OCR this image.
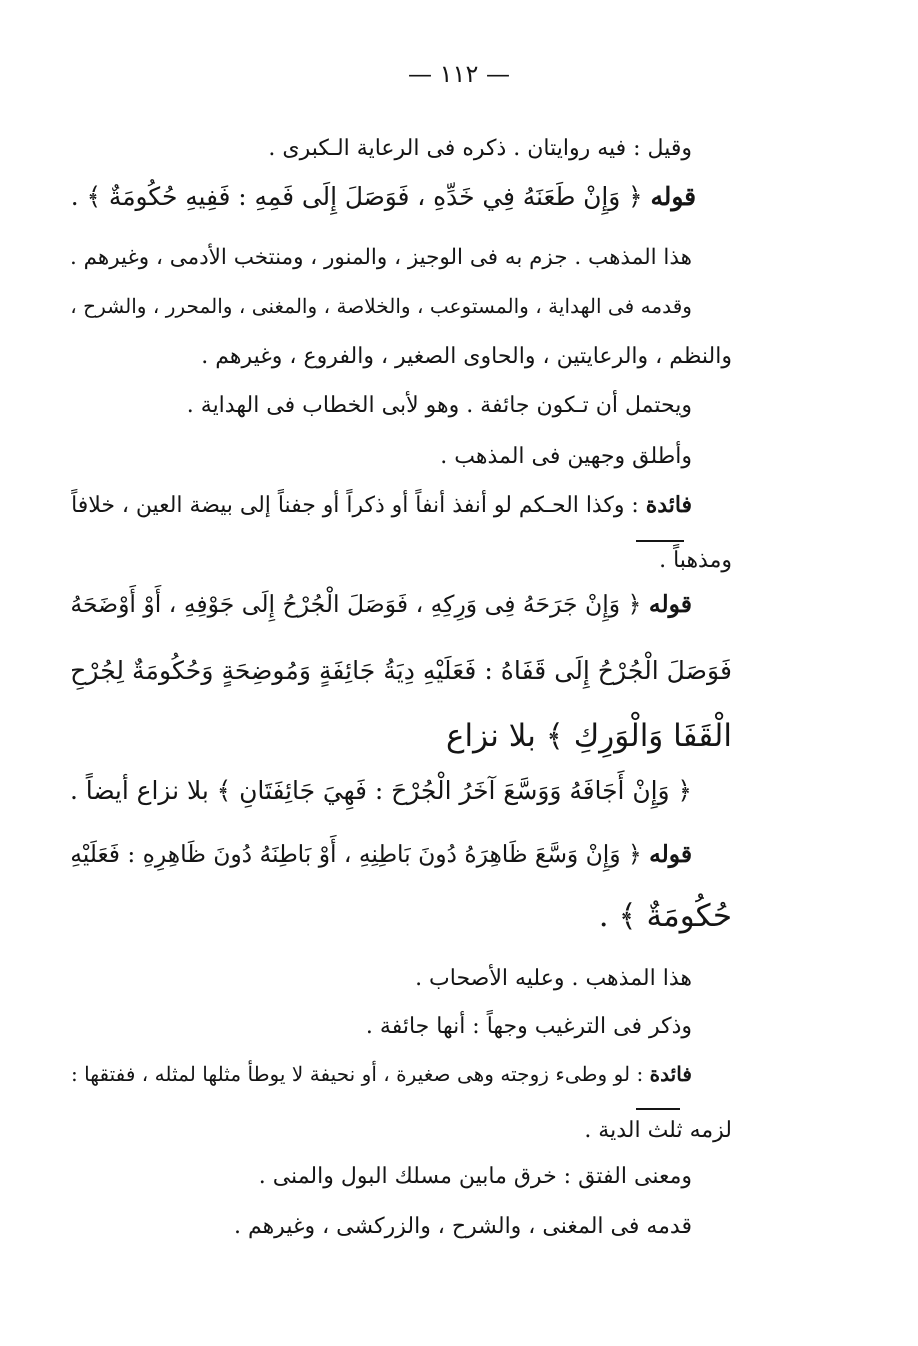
— ١١٢ —
وقيل : فيه روايتان . ذكره فى الرعاية الـكبرى .
قوله ﴿ وَإِنْ طَعَنَهُ فِي خَدِّهِ ، فَوَصَلَ إِلَى فَمِهِ : فَفِيهِ حُكُومَةٌ ﴾ .
هذا المذهب . جزم به فى الوجيز ، والمنور ، ومنتخب الأدمى ، وغيرهم .
وقدمه فى الهداية ، والمستوعب ، والخلاصة ، والمغنى ، والمحرر ، والشرح ،
والنظم ، والرعايتين ، والحاوى الصغير ، والفروع ، وغيرهم .
ويحتمل أن تـكون جائفة . وهو لأبى الخطاب فى الهداية .
وأطلق وجهين فى المذهب .
فائدة : وكذا الحـكم لو أنفذ أنفاً أو ذكراً أو جفناً إلى بيضة العين ، خلافاً
ومذهباً .
قوله ﴿ وَإِنْ جَرَحَهُ فِى وَرِكِهِ ، فَوَصَلَ الْجُرْحُ إِلَى جَوْفِهِ ، أَوْ أَوْضَحَهُ
فَوَصَلَ الْجُرْحُ إِلَى قَفَاهُ : فَعَلَيْهِ دِيَةُ جَائِفَةٍ وَمُوضِحَةٍ وَحُكُومَةٌ لِجُرْحِ
الْقَفَا وَالْوَرِكِ ﴾ بلا نزاع
﴿ وَإِنْ أَجَافَهُ وَوَسَّعَ آخَرُ الْجُرْحَ : فَهِيَ جَائِفَتَانِ ﴾ بلا نزاع أيضاً .
قوله ﴿ وَإِنْ وَسَّعَ ظَاهِرَهُ دُونَ بَاطِنِهِ ، أَوْ بَاطِنَهُ دُونَ ظَاهِرِهِ : فَعَلَيْهِ
حُكُومَةٌ ﴾ .
هذا المذهب . وعليه الأصحاب .
وذكر فى الترغيب وجهاً : أنها جائفة .
فائدة : لو وطىء زوجته وهى صغيرة ، أو نحيفة لا يوطأ مثلها لمثله ، ففتقها :
لزمه ثلث الدية .
ومعنى الفتق : خرق مابين مسلك البول والمنى .
قدمه فى المغنى ، والشرح ، والزركشى ، وغيرهم .
